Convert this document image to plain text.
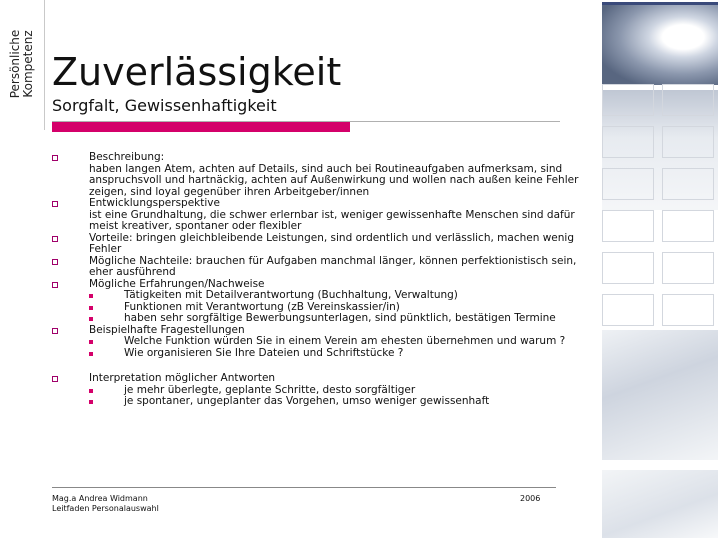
Persönliche Kompetenz Zuverlässigkeit
Sorgfalt, Gewissenhaftigkeit
Beschreibung:
haben langen Atem, achten auf Details, sind auch bei Routineaufgaben aufmerksam, sind anspruchsvoll und hartnäckig, achten auf Außenwirkung und wollen nach außen keine Fehler zeigen, sind loyal gegenüber ihren Arbeitgeber/innen
Entwicklungsperspektive
ist eine Grundhaltung, die schwer erlernbar ist, weniger gewissenhafte Menschen sind dafür meist kreativer, spontaner oder flexibler
Vorteile: bringen gleichbleibende Leistungen, sind ordentlich und verlässlich, machen wenig Fehler
Mögliche Nachteile: brauchen für Aufgaben manchmal länger, können perfektionistisch sein, eher ausführend
Mögliche Erfahrungen/Nachweise
Tätigkeiten mit Detailverantwortung (Buchhaltung, Verwaltung)
Funktionen mit Verantwortung (zB Vereinskassier/in)
haben sehr sorgfältige Bewerbungsunterlagen, sind pünktlich, bestätigen Termine
Beispielhafte Fragestellungen
Welche Funktion würden Sie in einem Verein am ehesten übernehmen und warum ?
Wie organisieren Sie Ihre Dateien und Schriftstücke ?
Interpretation möglicher Antworten
je mehr überlegte, geplante Schritte, desto sorgfältiger
je spontaner, ungeplanter das Vorgehen, umso weniger gewissenhaft
Mag.a Andrea Widmann
Leitfaden Personalauswahl
2006
